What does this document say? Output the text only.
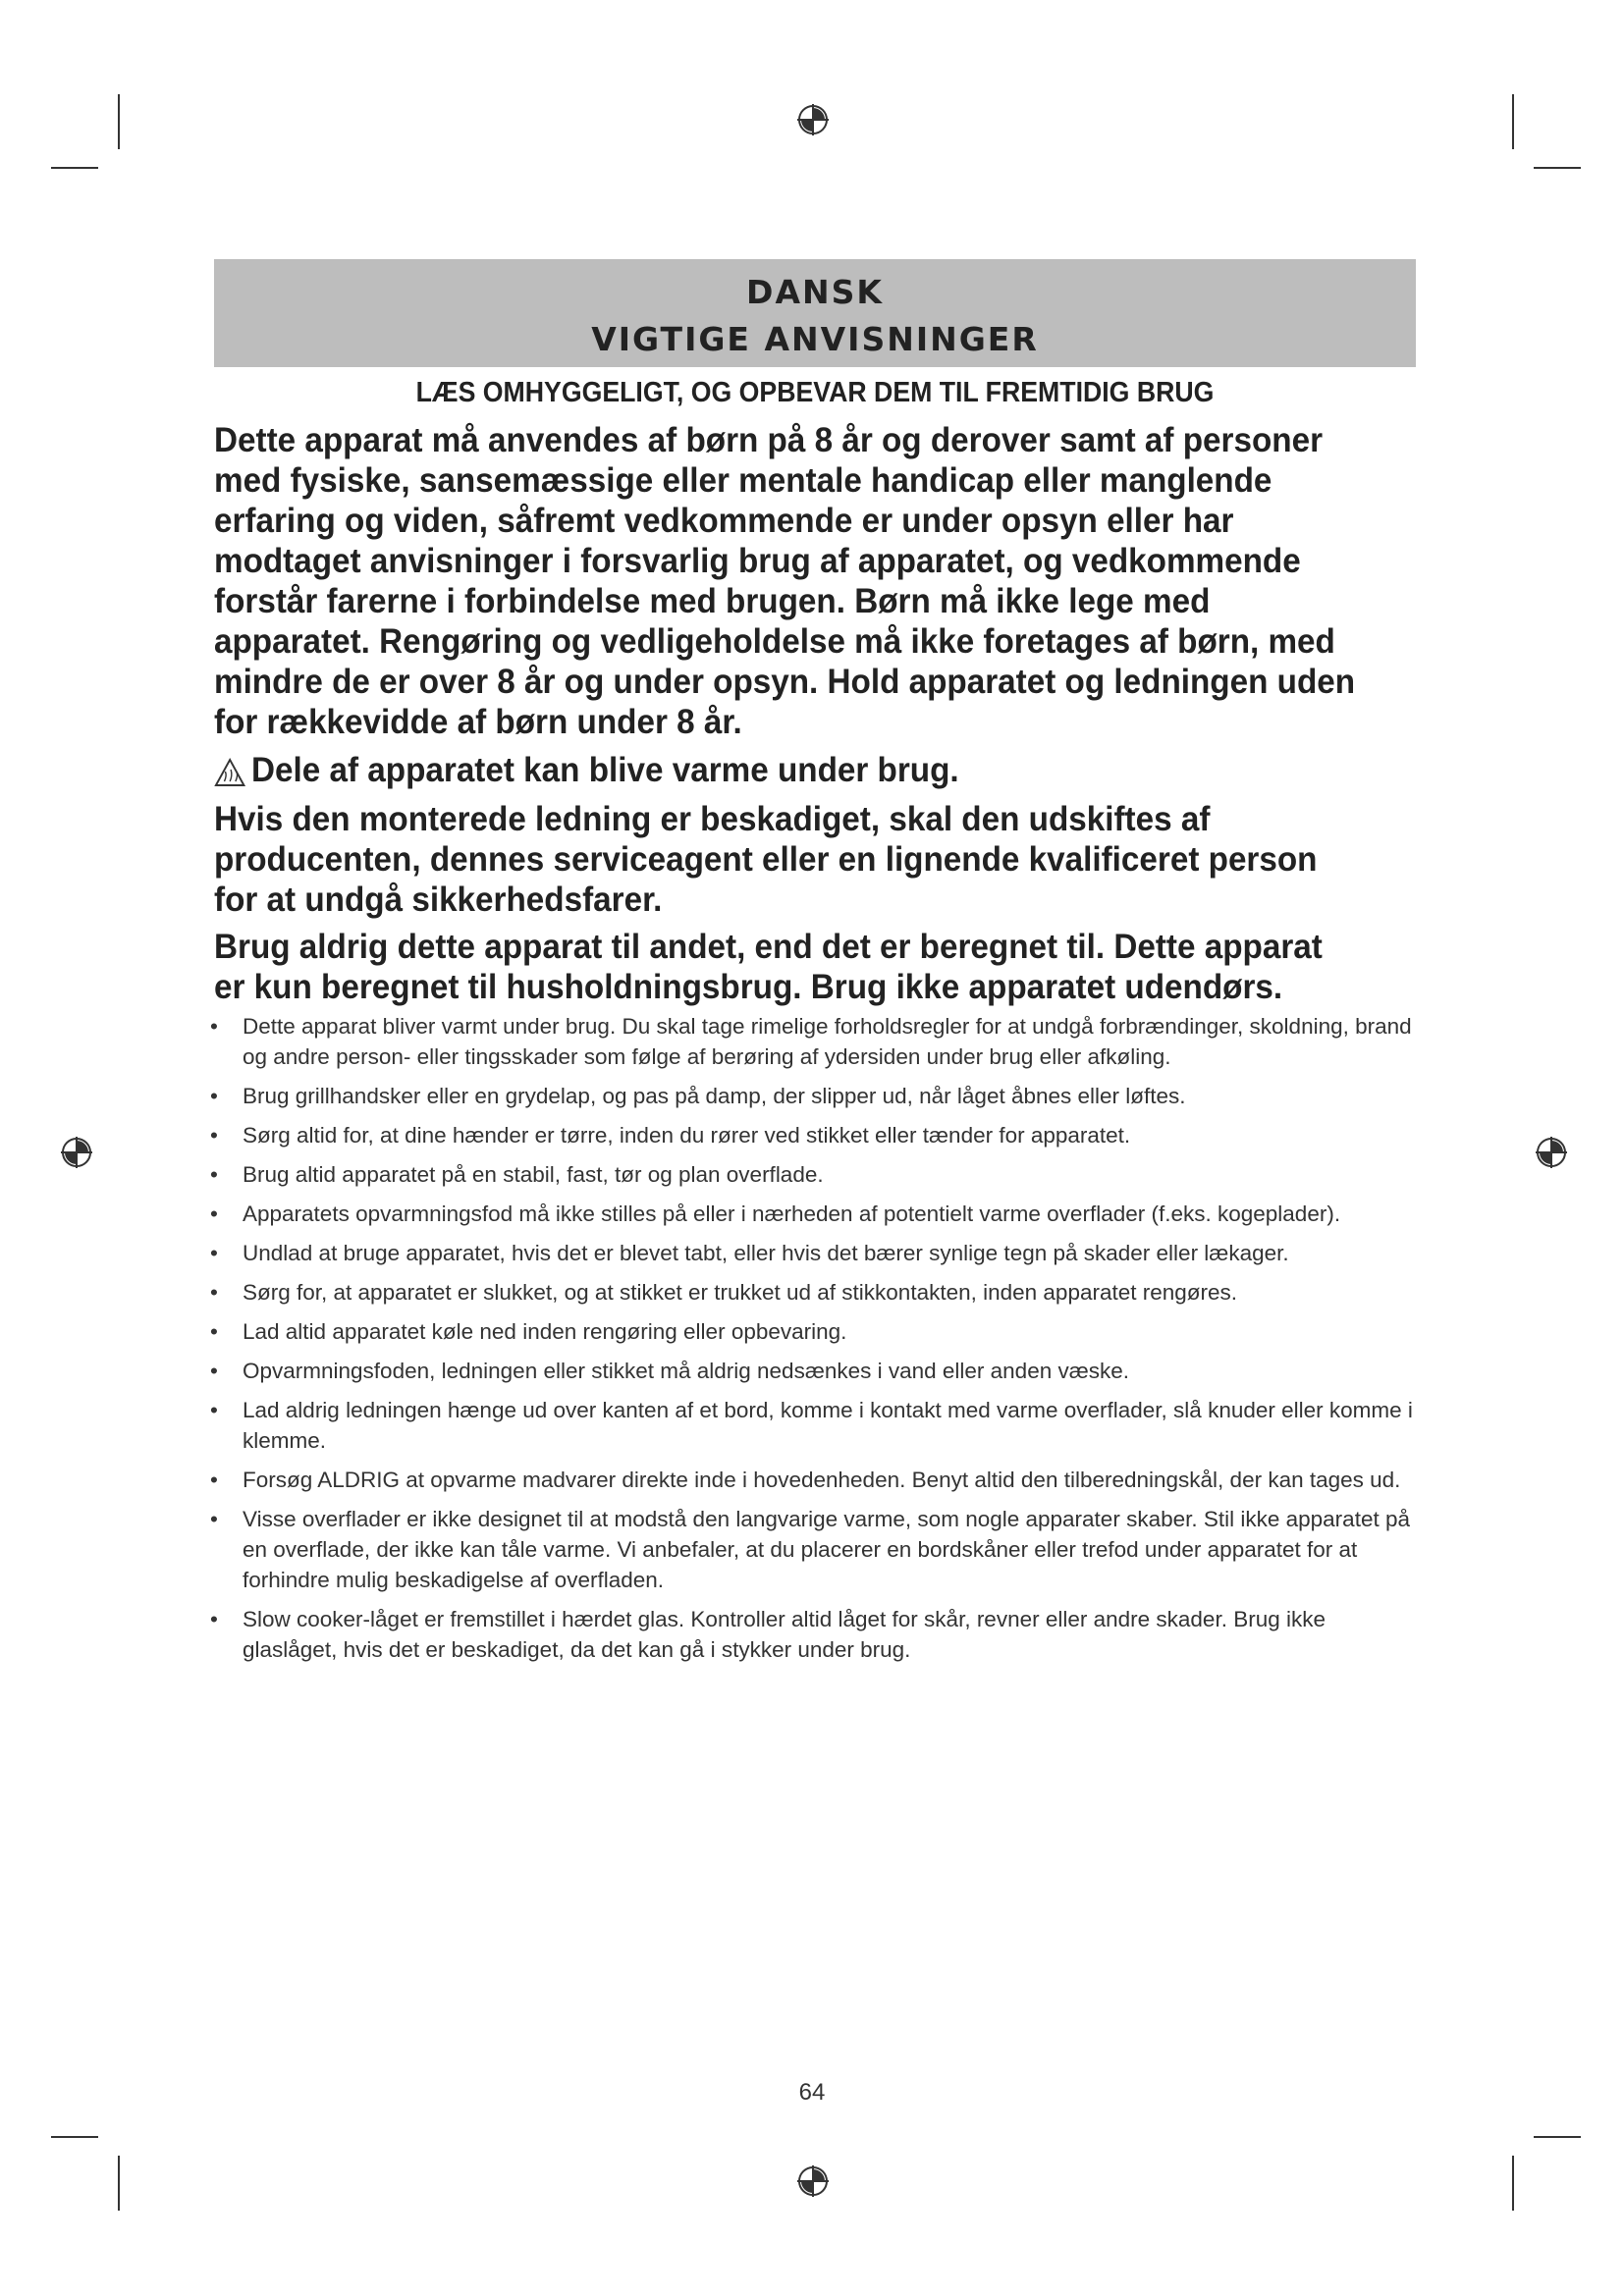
DANSK
VIGTIGE ANVISNINGER
LÆS OMHYGGELIGT, OG OPBEVAR DEM TIL FREMTIDIG BRUG
Dette apparat må anvendes af børn på 8 år og derover samt af personer med fysiske, sansemæssige eller mentale handicap eller manglende erfaring og viden, såfremt vedkommende er under opsyn eller har modtaget anvisninger i forsvarlig brug af apparatet, og vedkommende forstår farerne i forbindelse med brugen. Børn må ikke lege med apparatet. Rengøring og vedligeholdelse må ikke foretages af børn, med mindre de er over 8 år og under opsyn. Hold apparatet og ledningen uden for rækkevidde af børn under 8 år.
Dele af apparatet kan blive varme under brug.
Hvis den monterede ledning er beskadiget, skal den udskiftes af producenten, dennes serviceagent eller en lignende kvalificeret person for at undgå sikkerhedsfarer.
Brug aldrig dette apparat til andet, end det er beregnet til. Dette apparat er kun beregnet til husholdningsbrug. Brug ikke apparatet udendørs.
• Dette apparat bliver varmt under brug. Du skal tage rimelige forholdsregler for at undgå forbrændinger, skoldning, brand og andre person- eller tingsskader som følge af berøring af ydersiden under brug eller afkøling.
• Brug grillhandsker eller en grydelap, og pas på damp, der slipper ud, når låget åbnes eller løftes.
• Sørg altid for, at dine hænder er tørre, inden du rører ved stikket eller tænder for apparatet.
• Brug altid apparatet på en stabil, fast, tør og plan overflade.
• Apparatets opvarmningsfod må ikke stilles på eller i nærheden af potentielt varme overflader (f.eks. kogeplader).
• Undlad at bruge apparatet, hvis det er blevet tabt, eller hvis det bærer synlige tegn på skader eller lækager.
• Sørg for, at apparatet er slukket, og at stikket er trukket ud af stikkontakten, inden apparatet rengøres.
• Lad altid apparatet køle ned inden rengøring eller opbevaring.
• Opvarmningsfoden, ledningen eller stikket må aldrig nedsænkes i vand eller anden væske.
• Lad aldrig ledningen hænge ud over kanten af et bord, komme i kontakt med varme overflader, slå knuder eller komme i klemme.
• Forsøg ALDRIG at opvarme madvarer direkte inde i hovedenheden. Benyt altid den tilberedningskål, der kan tages ud.
• Visse overflader er ikke designet til at modstå den langvarige varme, som nogle apparater skaber. Stil ikke apparatet på en overflade, der ikke kan tåle varme. Vi anbefaler, at du placerer en bordskåner eller trefod under apparatet for at forhindre mulig beskadigelse af overfladen.
• Slow cooker-låget er fremstillet i hærdet glas. Kontroller altid låget for skår, revner eller andre skader. Brug ikke glaslåget, hvis det er beskadiget, da det kan gå i stykker under brug.
64
